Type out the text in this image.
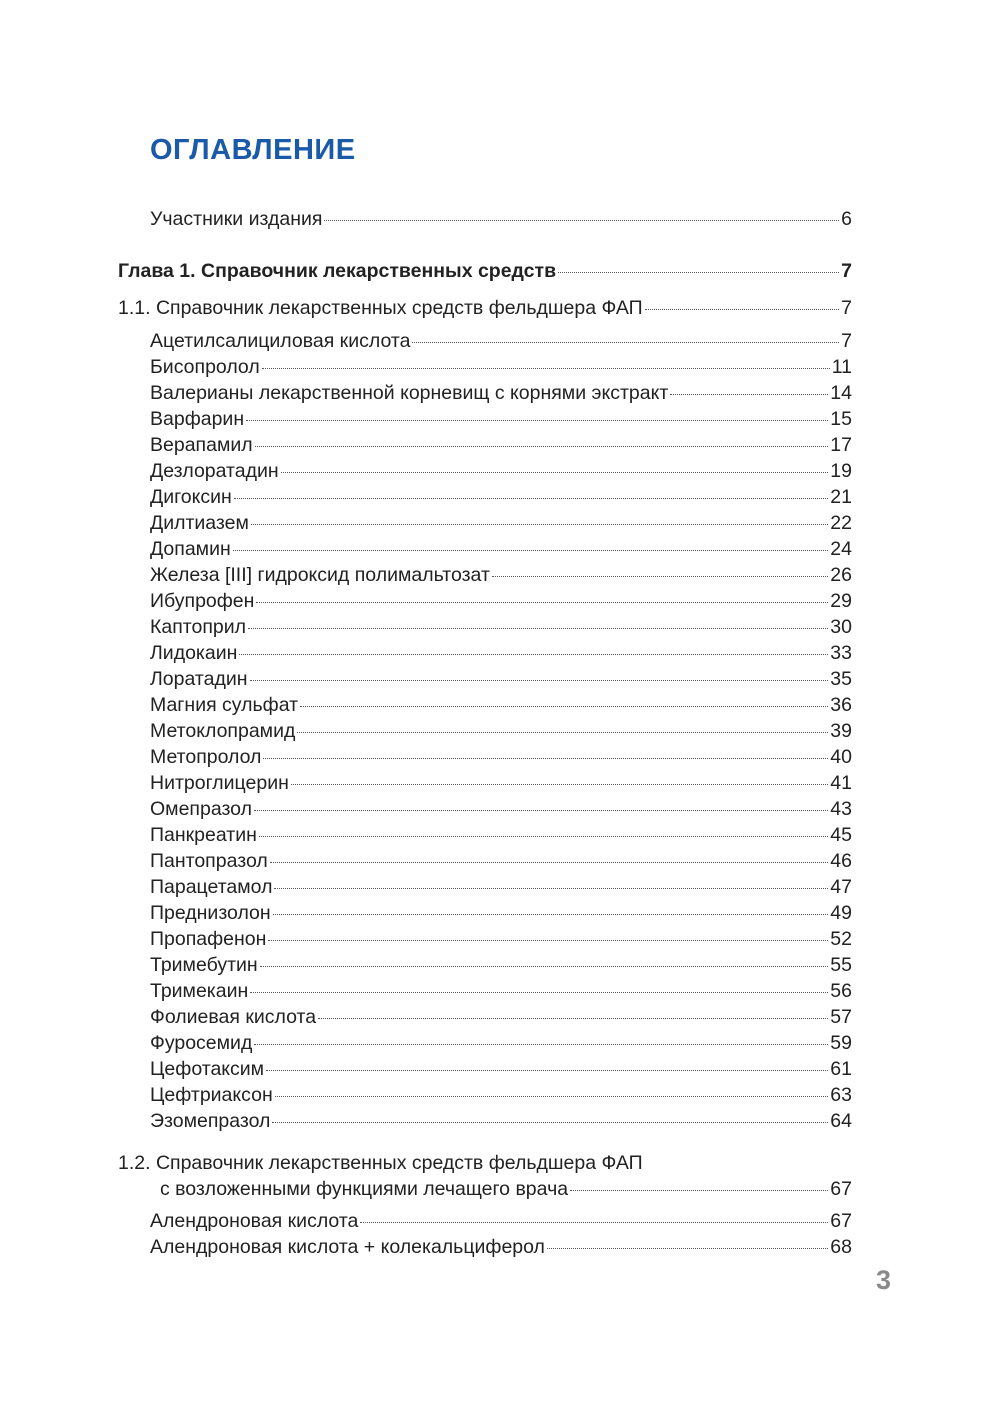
ОГЛАВЛЕНИЕ
Участники издания	6
Глава 1. Справочник лекарственных средств	7
1.1. Справочник лекарственных средств фельдшера ФАП	7
Ацетилсалициловая кислота	7
Бисопролол	11
Валерианы лекарственной корневищ с корнями экстракт	14
Варфарин	15
Верапамил	17
Дезлоратадин	19
Дигоксин	21
Дилтиазем	22
Допамин	24
Железа [III] гидроксид полимальтозат	26
Ибупрофен	29
Каптоприл	30
Лидокаин	33
Лоратадин	35
Магния сульфат	36
Метоклопрамид	39
Метопролол	40
Нитроглицерин	41
Омепразол	43
Панкреатин	45
Пантопразол	46
Парацетамол	47
Преднизолон	49
Пропафенон	52
Тримебутин	55
Тримекаин	56
Фолиевая кислота	57
Фуросемид	59
Цефотаксим	61
Цефтриаксон	63
Эзомепразол	64
1.2. Справочник лекарственных средств фельдшера ФАП
с возложенными функциями лечащего врача	67
Алендроновая кислота	67
Алендроновая кислота + колекальциферол	68
3
